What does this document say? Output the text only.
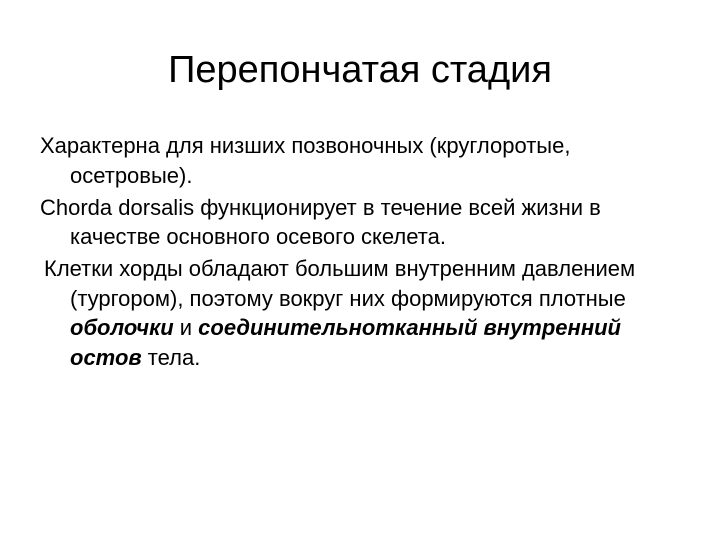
Перепончатая стадия

Характерна для низших позвоночных (круглоротые, осетровые).

Chorda dorsalis функционирует в течение всей жизни в качестве основного осевого скелета.

Клетки хорды обладают большим внутренним давлением (тургором), поэтому вокруг них формируются плотные оболочки и соединительнотканный внутренний остов тела.
